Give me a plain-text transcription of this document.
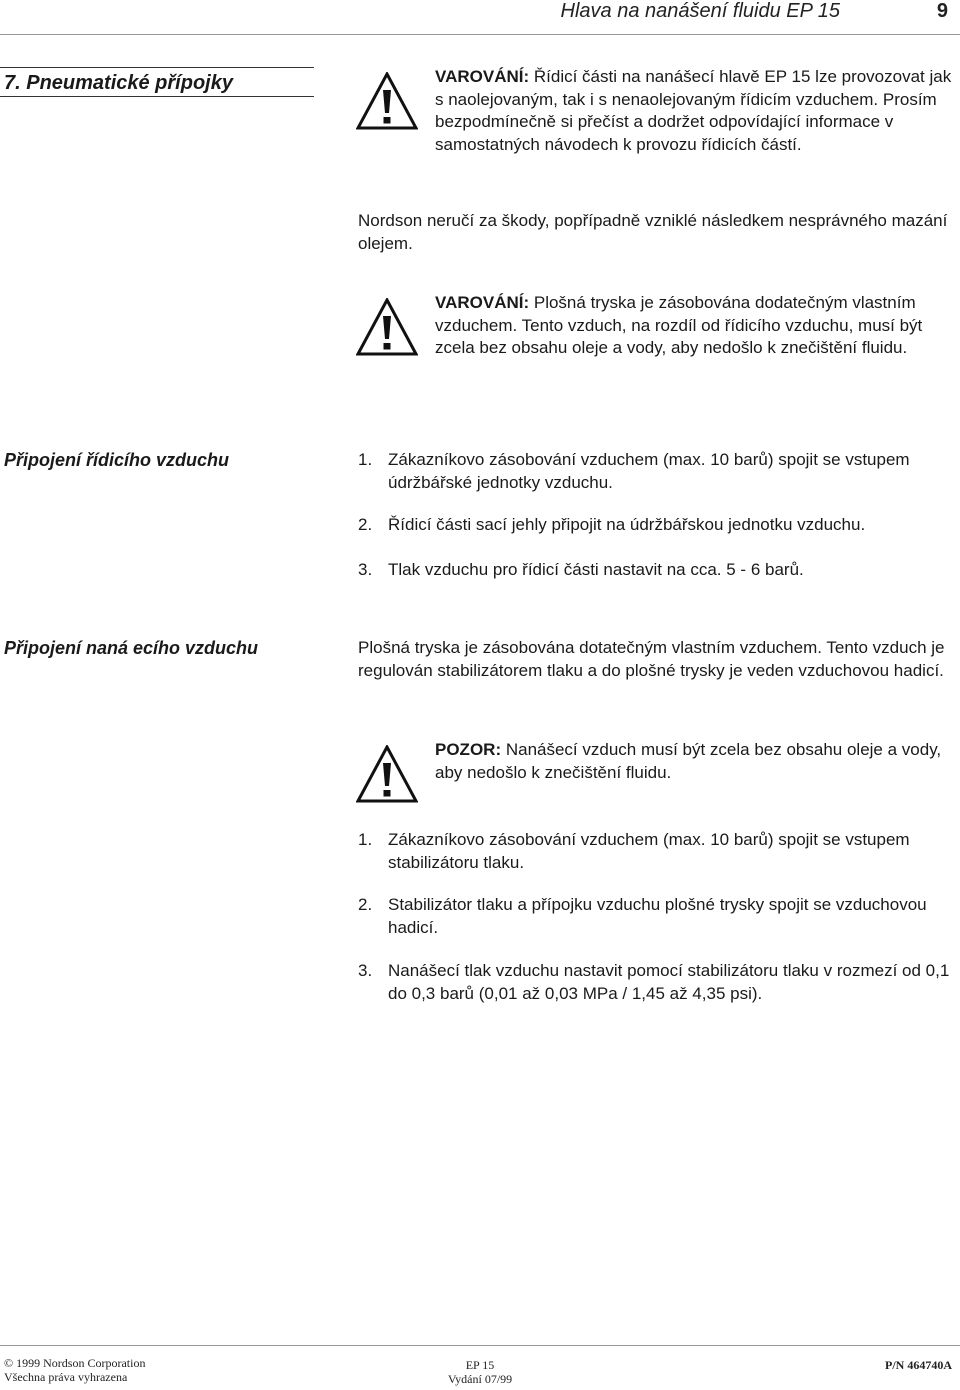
Hlava na nanášení fluidu EP 15	9
7. Pneumatické přípojky	VAROVÁNÍ: Řídicí části na nanášecí hlavě EP 15 lze provozovat jak s naolejovaným, tak i s nenaolejovaným řídicím vzduchem. Prosím bezpodmínečně si přečíst a dodržet odpovídající informace v samostatných návodech k provozu řídicích částí.
Nordson neručí za škody, popřípadně vzniklé následkem nesprávného mazání olejem.
VAROVÁNÍ: Plošná tryska je zásobována dodatečným vlastním vzduchem. Tento vzduch, na rozdíl od řídicího vzduchu, musí být zcela bez obsahu oleje a vody, aby nedošlo k znečištění fluidu.
Připojení řídicího vzduchu	1. Zákazníkovo zásobování vzduchem (max. 10 barů) spojit se vstupem údržbářské jednotky vzduchu.
2. Řídicí části sací jehly připojit na údržbářskou jednotku vzduchu.
3. Tlak vzduchu pro řídicí části nastavit na cca. 5 - 6 barů.
Připojení naná ecího vzduchu	Plošná tryska je zásobována dotatečným vlastním vzduchem. Tento vzduch je regulován stabilizátorem tlaku a do plošné trysky je veden vzduchovou hadicí.
POZOR: Nanášecí vzduch musí být zcela bez obsahu oleje a vody, aby nedošlo k znečištění fluidu.
1. Zákazníkovo zásobování vzduchem (max. 10 barů) spojit se vstupem stabilizátoru tlaku.
2. Stabilizátor tlaku a přípojku vzduchu plošné trysky spojit se vzduchovou hadicí.
3. Nanášecí tlak vzduchu nastavit pomocí stabilizátoru tlaku v rozmezí od 0,1 do 0,3 barů (0,01 až 0,03 MPa / 1,45 až 4,35 psi).
© 1999 Nordson Corporation
Všechna práva vyhrazena
EP 15
Vydání 07/99
P/N 464740A
